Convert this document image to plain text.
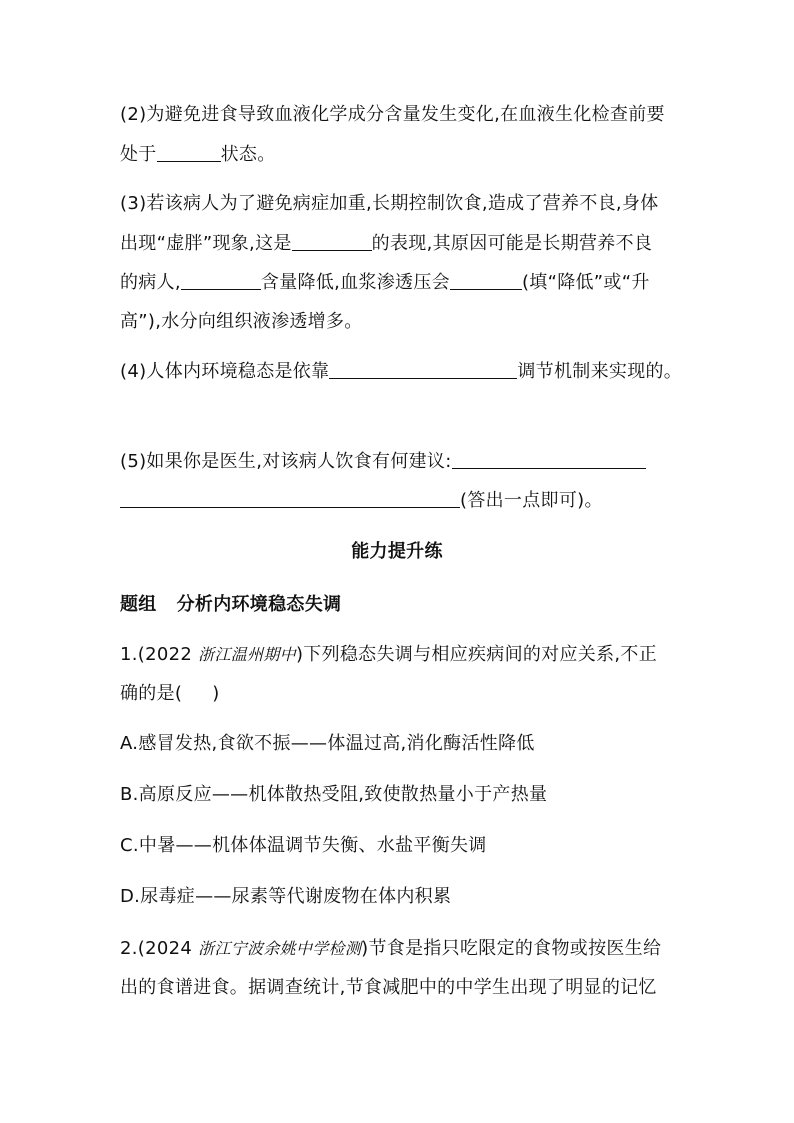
(2)为避免进食导致血液化学成分含量发生变化,在血液生化检查前要
处于	状态。
(3)若该病人为了避免病症加重,长期控制饮食,造成了营养不良,身体
出现“虚胖”现象,这是	的表现,其原因可能是长期营养不良
的病人,	含量降低,血浆渗透压会	(填“降低”或“升
高”),水分向组织液渗透增多。
(4)人体内环境稳态是依靠	调节机制来实现的。
(5)如果你是医生,对该病人饮食有何建议:
(答出一点即可)。
能力提升练
题组 分析内环境稳态失调
1.(2022 浙江温州期中)下列稳态失调与相应疾病间的对应关系,不正
确的是( )
A.感冒发热,食欲不振——体温过高,消化酶活性降低
B.高原反应——机体散热受阻,致使散热量小于产热量
C.中暑——机体体温调节失衡、水盐平衡失调
D.尿毒症——尿素等代谢废物在体内积累
2.(2024 浙江宁波余姚中学检测)节食是指只吃限定的食物或按医生给
出的食谱进食。据调查统计,节食减肥中的中学生出现了明显的记忆
